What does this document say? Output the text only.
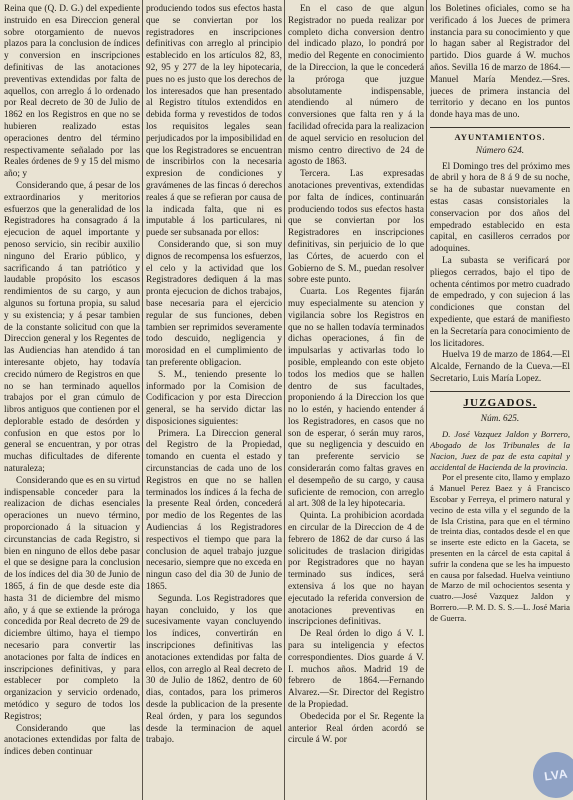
Reina que (Q. D. G.) del expediente instruido en esa Direccion general sobre otorgamiento de nuevos plazos para la conclusion de índices y conversion en inscripciones definitivas de las anotaciones preventivas extendidas por falta de aquellos, con arreglo á lo ordenado por Real decreto de 30 de Julio de 1862 en los Registros en que no se hubieren realizado estas operaciones dentro del término respectivamente señalado por las Reales órdenes de 9 y 15 del mismo año; y

Considerando que, á pesar de los extraordinarios y meritorios esfuerzos que la generalidad de los Registradores ha consagrado á la ejecucion de aquel importante y penoso servicio, sin recibir auxilio ninguno del Erario público, y sacrificando á tan patriótico y laudable propósito los escasos rendimientos de su cargo, y aun algunos su fortuna propia, su salud y su existencia; y á pesar tambien de la constante solicitud con que la Direccion general y los Regentes de las Audiencias han atendido á tan interesante objeto, hay todavía crecido número de Registros en que no se han terminado aquellos trabajos por el gran cúmulo de libros antiguos que contienen por el deplorable estado de desórden y confusion en que estos por lo general se encuentran, y por otras muchas dificultades de diferente naturaleza;

Considerando que es en su virtud indispensable conceder para la realizacion de dichas esenciales operaciones un nuevo término, proporcionado á la situacion y circunstancias de cada Registro, si bien en ninguno de ellos debe pasar el que se designe para la conclusion de los índices del dia 30 de Junio de 1865, á fin de que desde este dia hasta 31 de diciembre del mismo año, y á que se extiende la próroga concedida por Real decreto de 29 de diciembre último, haya el tiempo necesario para convertir las anotaciones por falta de índices en inscripciones definitivas, y para establecer por completo la organizacion y servicio ordenado, metódico y seguro de todos los Registros;

Considerando que las anotaciones extendidas por falta de índices deben continuar

produciendo todos sus efectos hasta que se conviertan por los registradores en inscripciones definitivas con arreglo al principio establecido en los artículos 82, 83, 92, 95 y 277 de la ley hipotecaria, pues no es justo que los derechos de los interesados que han presentado al Registro títulos extendidos en debida forma y revestidos de todos los requisitos legales sean perjudicados por la imposibilidad en que los Registradores se encuentran de inscribirlos con la necesaria expresion de condiciones y gravámenes de las fincas ó derechos reales á que se refieran por causa de la indicada falta, que ni es imputable á los particulares, ni puede ser subsanada por ellos:

Considerando que, si son muy dignos de recompensa los esfuerzos, el celo y la actividad que los Registradores dediquen á la mas pronta ejecucion de dichos trabajos, base necesaria para el ejercicio regular de sus funciones, deben tambien ser reprimidos severamente todo descuido, negligencia y morosidad en el cumplimiento de tan preferente obligacion.

S. M., teniendo presente lo informado por la Comision de Codificacion y por esta Direccion general, se ha servido dictar las disposiciones siguientes:

Primera. La Direccion general del Registro de la Propiedad, tomando en cuenta el estado y circunstancias de cada uno de los Registros en que no se hallen terminados los índices á la fecha de la presente Real órden, concederá por medio de los Regentes de las Audiencias á los Registradores respectivos el tiempo que para la conclusion de aquel trabajo juzgue necesario, siempre que no exceda en ningun caso del dia 30 de Junio de 1865.

Segunda. Los Registradores que hayan concluido, y los que sucesivamente vayan concluyendo los índices, convertirán en inscripciones definitivas las anotaciones extendidas por falta de ellos, con arreglo al Real decreto de 30 de Julio de 1862, dentro de 60 dias, contados, para los primeros desde la publicacion de la presente Real órden, y para los segundos desde la terminacion de aquel trabajo.

En el caso de que algun Registrador no pueda realizar por completo dicha conversion dentro del indicado plazo, lo pondrá por medio del Regente en conocimiento de la Direccion, la que le concederá la próroga que juzgue absolutamente indispensable, atendiendo al número de conversiones que falta ren y á la facilidad ofrecida para la realizacion de aquel servicio en resolucion del mismo centro directivo de 24 de agosto de 1863.

Tercera. Las expresadas anotaciones preventivas, extendidas por falta de índices, continuarán produciendo todos sus efectos hasta que se conviertan por los Registradores en inscripciones definitivas, sin perjuicio de lo que las Córtes, de acuerdo con el Gobierno de S. M., puedan resolver sobre este punto.

Cuarta. Los Regentes fijarán muy especialmente su atencion y vigilancia sobre los Registros en que no se hallen todavía terminados dichas operaciones, á fin de impulsarlas y activarlas todo lo posible, empleando con este objeto todos los medios que se hallen dentro de sus facultades, proponiendo á la Direccion los que no lo estén, y haciendo entender á los Registradores, en casos que no son de esperar, ó serán muy raros, que su negligencia y descuido en tan preferente servicio se considerarán como faltas graves en el desempeño de su cargo, y causa suficiente de remocion, con arreglo al art. 308 de la ley hipotecaria.

Quinta. La prohibicion acordada en circular de la Direccion de 4 de febrero de 1862 de dar curso á las solicitudes de traslacion dirigidas por Registradores que no hayan terminado sus índices, será extensiva á los que no hayan ejecutado la referida conversion de anotaciones preventivas en inscripciones definitivas.

De Real órden lo digo á V. I. para su inteligencia y efectos correspondientes. Dios guarde á V. I. muchos años. Madrid 19 de febrero de 1864.—Fernando Alvarez.—Sr. Director del Registro de la Propiedad.

Obedecida por el Sr. Regente la anterior Real órden acordó se circule á W. por

los Boletines oficiales, como se ha verificado á los Jueces de primera instancia para su conocimiento y que lo hagan saber al Registrador del partido. Dios guarde á W. muchos años. Sevilla 16 de marzo de 1864.—Manuel María Mendez.—Sres. jueces de primera instancia del territorio y decano en los puntos donde haya mas de uno.

AYUNTAMIENTOS.

Número 624.

El Domingo tres del próximo mes de abril y hora de 8 á 9 de su noche, se ha de subastar nuevamente en estas casas consistoriales la conservacion por dos años del empedrado establecido en esta capital, en casilleros cerrados por adoquines.

La subasta se verificará por pliegos cerrados, bajo el tipo de ochenta céntimos por metro cuadrado de empedrado, y con sujecion á las condiciones que constan del expediente, que estará de manifiesto en la Secretaría para conocimiento de los licitadores.

Huelva 19 de marzo de 1864.—El Alcalde, Fernando de la Cueva.—El Secretario, Luis María Lopez.

JUZGADOS.

Núm. 625.

D. José Vazquez Jaldon y Borrero, Abogado de los Tribunales de la Nacion, Juez de paz de esta capital y accidental de Hacienda de la provincia.

Por el presente cito, llamo y emplazo á Manuel Perez Baez y á Francisco Escobar y Ferreya, el primero natural y vecino de esta villa y el segundo de la de Isla Cristina, para que en el término de treinta dias, contados desde el en que se inserte este edicto en la Gaceta, se presenten en la cárcel de esta capital á sufrir la condena que se les ha impuesto en causa por falsedad. Huelva veintiuno de Marzo de mil ochocientos sesenta y cuatro.—José Vazquez Jaldon y Borrero.—P. M. D. S. S.—L. José Maria de Guerra.

LVA
